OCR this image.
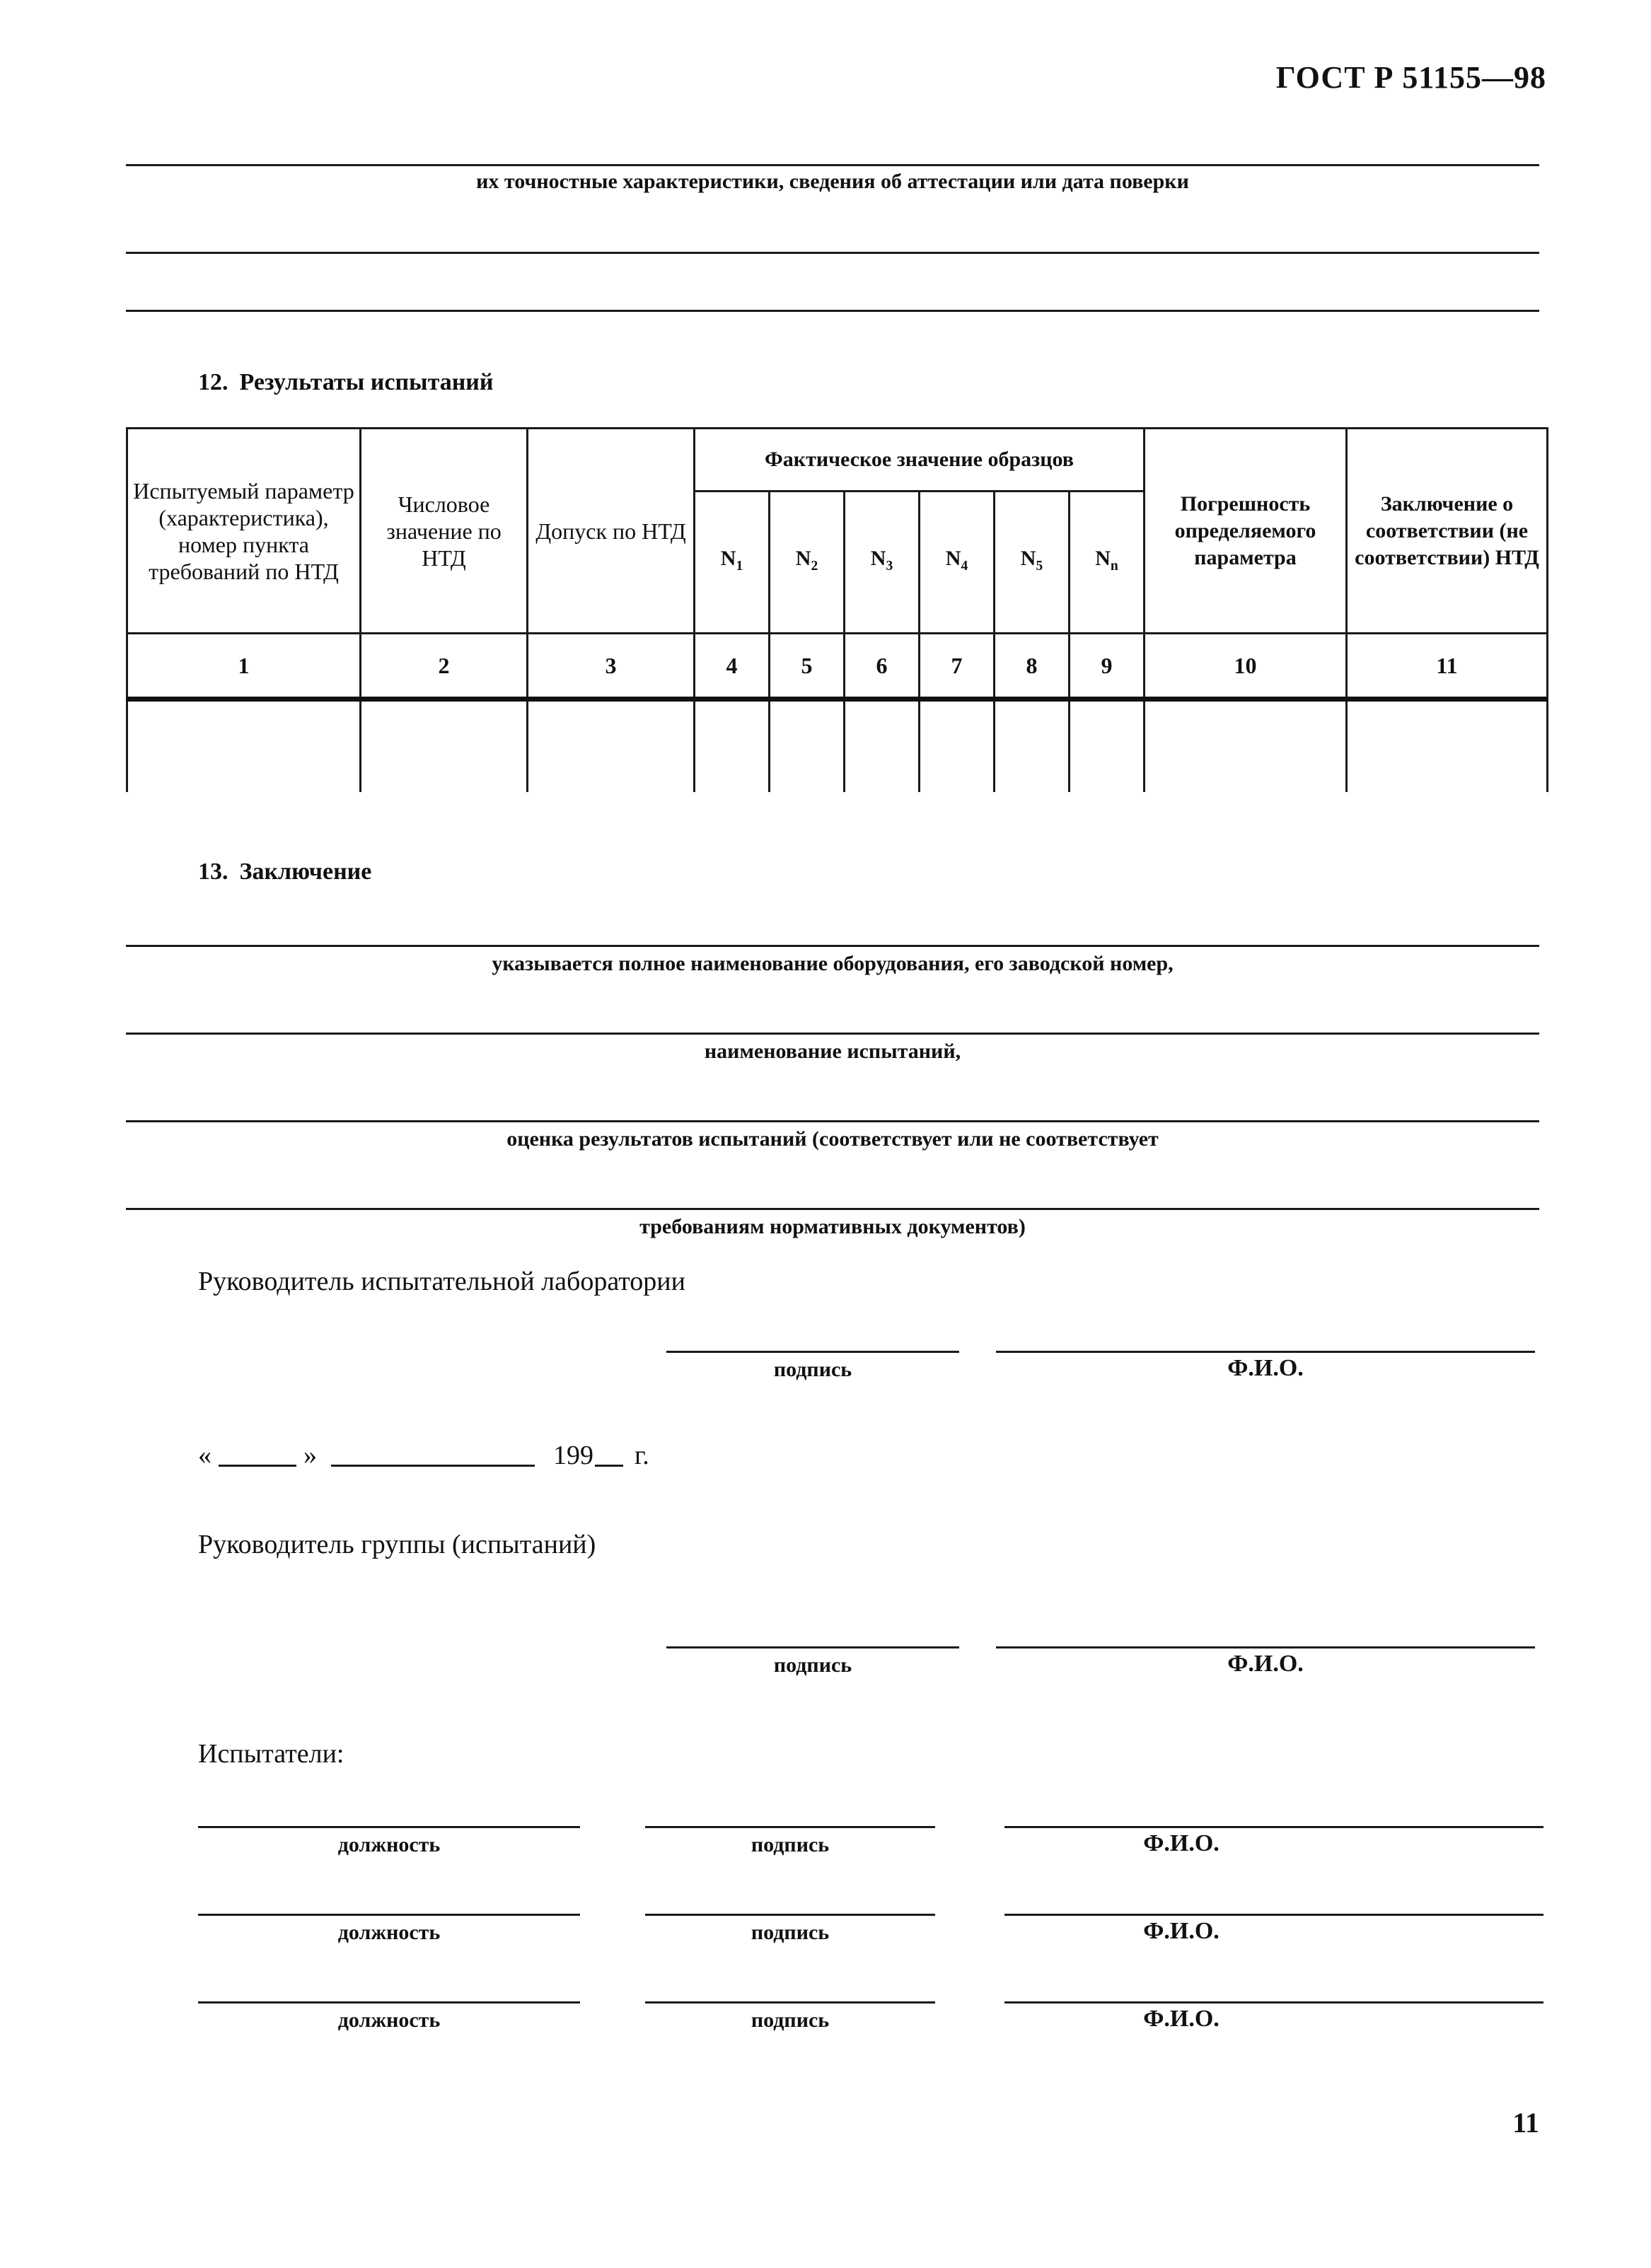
ГОСТ Р 51155—98
их точностные характеристики, сведения об аттестации или дата поверки
12. Результаты испытаний
Испытуемый параметр (характеристика), номер пункта требований по НТД	Числовое значение по НТД	Допуск по НТД	Фактическое значение образцов						Погрешность определяемого параметра	Заключение о соответствии (не соответствии) НТД
			$N_1$	$N_2$	$N_3$	$N_4$	$N_5$	$N_n$
1	2	3	4	5	6	7	8	9	10	11

13. Заключение
указывается полное наименование оборудования, его заводской номер,
наименование испытаний,
оценка результатов испытаний (соответствует или не соответствует
требованиям нормативных документов)
Руководитель испытательной лаборатории
подпись	Ф.И.О.
«	»	199 г.
Руководитель группы (испытаний)
подпись	Ф.И.О.
Испытатели:
должность	подпись	Ф.И.О.
должность	подпись	Ф.И.О.
должность	подпись	Ф.И.О.
11
